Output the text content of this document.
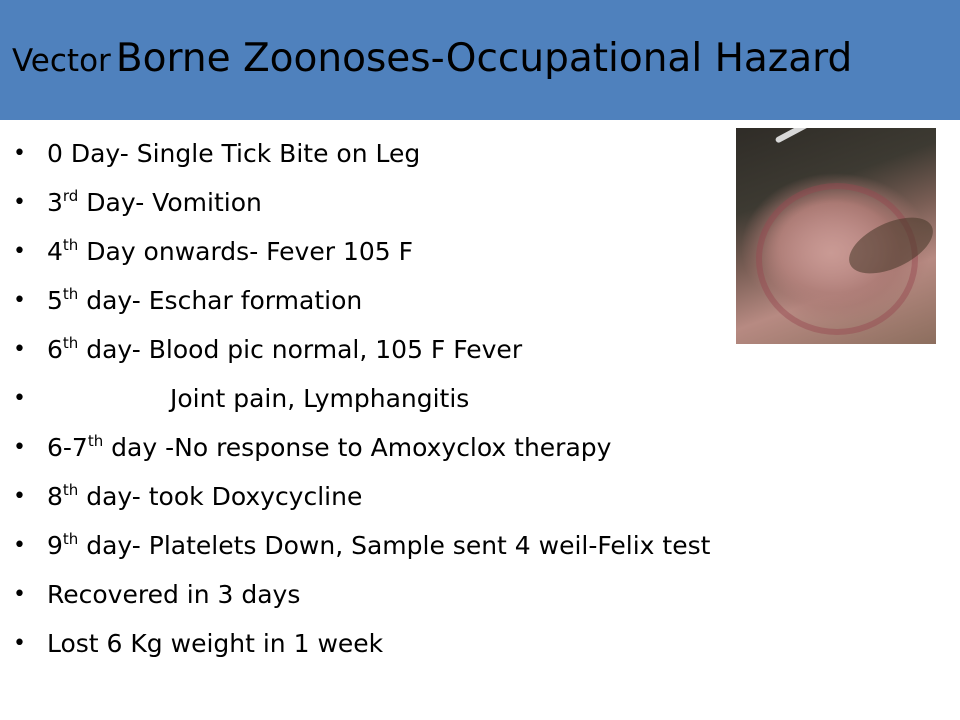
Vector Borne Zoonoses-Occupational Hazard
• 0 Day- Single Tick Bite on Leg
• 3rd Day- Vomition
• 4th Day onwards- Fever 105 F
• 5th day- Eschar formation
• 6th day- Blood pic normal, 105 F Fever
•	Joint pain, Lymphangitis
• 6-7th day -No response to Amoxyclox therapy
• 8th day- took Doxycycline
• 9th day- Platelets Down, Sample sent 4 weil-Felix test
• Recovered in 3 days
• Lost 6 Kg weight in 1 week
